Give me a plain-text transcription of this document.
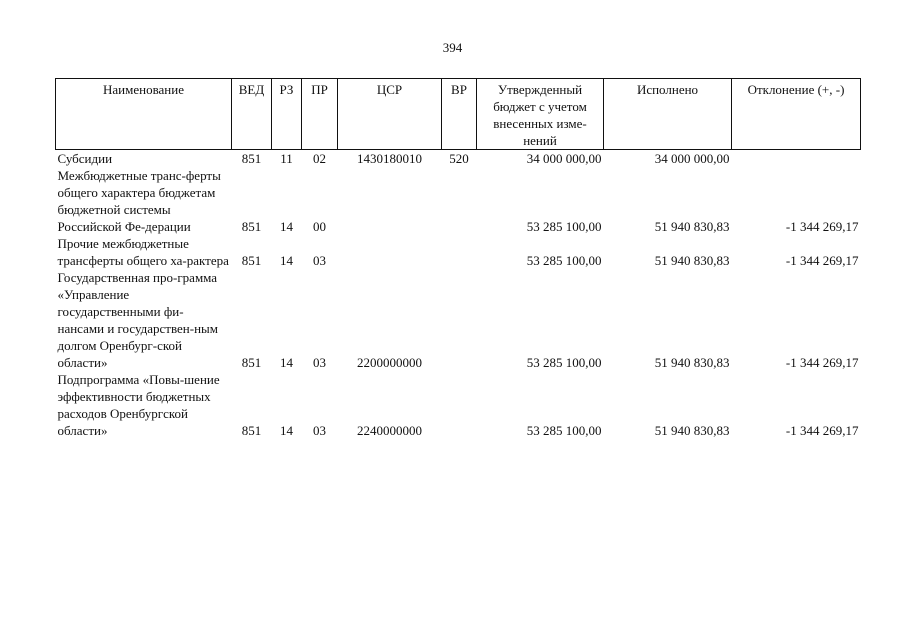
394
Наименование	ВЕД	РЗ	ПР	ЦСР	ВР	Утвержденный бюджет с учетом внесенных изме-нений	Исполнено	Отклонение (+, -)
Субсидии	851	11	02	1430180010	520	34 000 000,00	34 000 000,00	
Межбюджетные транс-ферты общего характера бюджетам бюджетной системы Российской Фе-дерации	851	14	00			53 285 100,00	51 940 830,83	-1 344 269,17
Прочие межбюджетные трансферты общего ха-рактера	851	14	03			53 285 100,00	51 940 830,83	-1 344 269,17
Государственная про-грамма «Управление государственными фи-нансами и государствен-ным долгом Оренбург-ской области»	851	14	03	2200000000		53 285 100,00	51 940 830,83	-1 344 269,17
Подпрограмма «Повы-шение эффективности бюджетных расходов Оренбургской области»	851	14	03	2240000000		53 285 100,00	51 940 830,83	-1 344 269,17
